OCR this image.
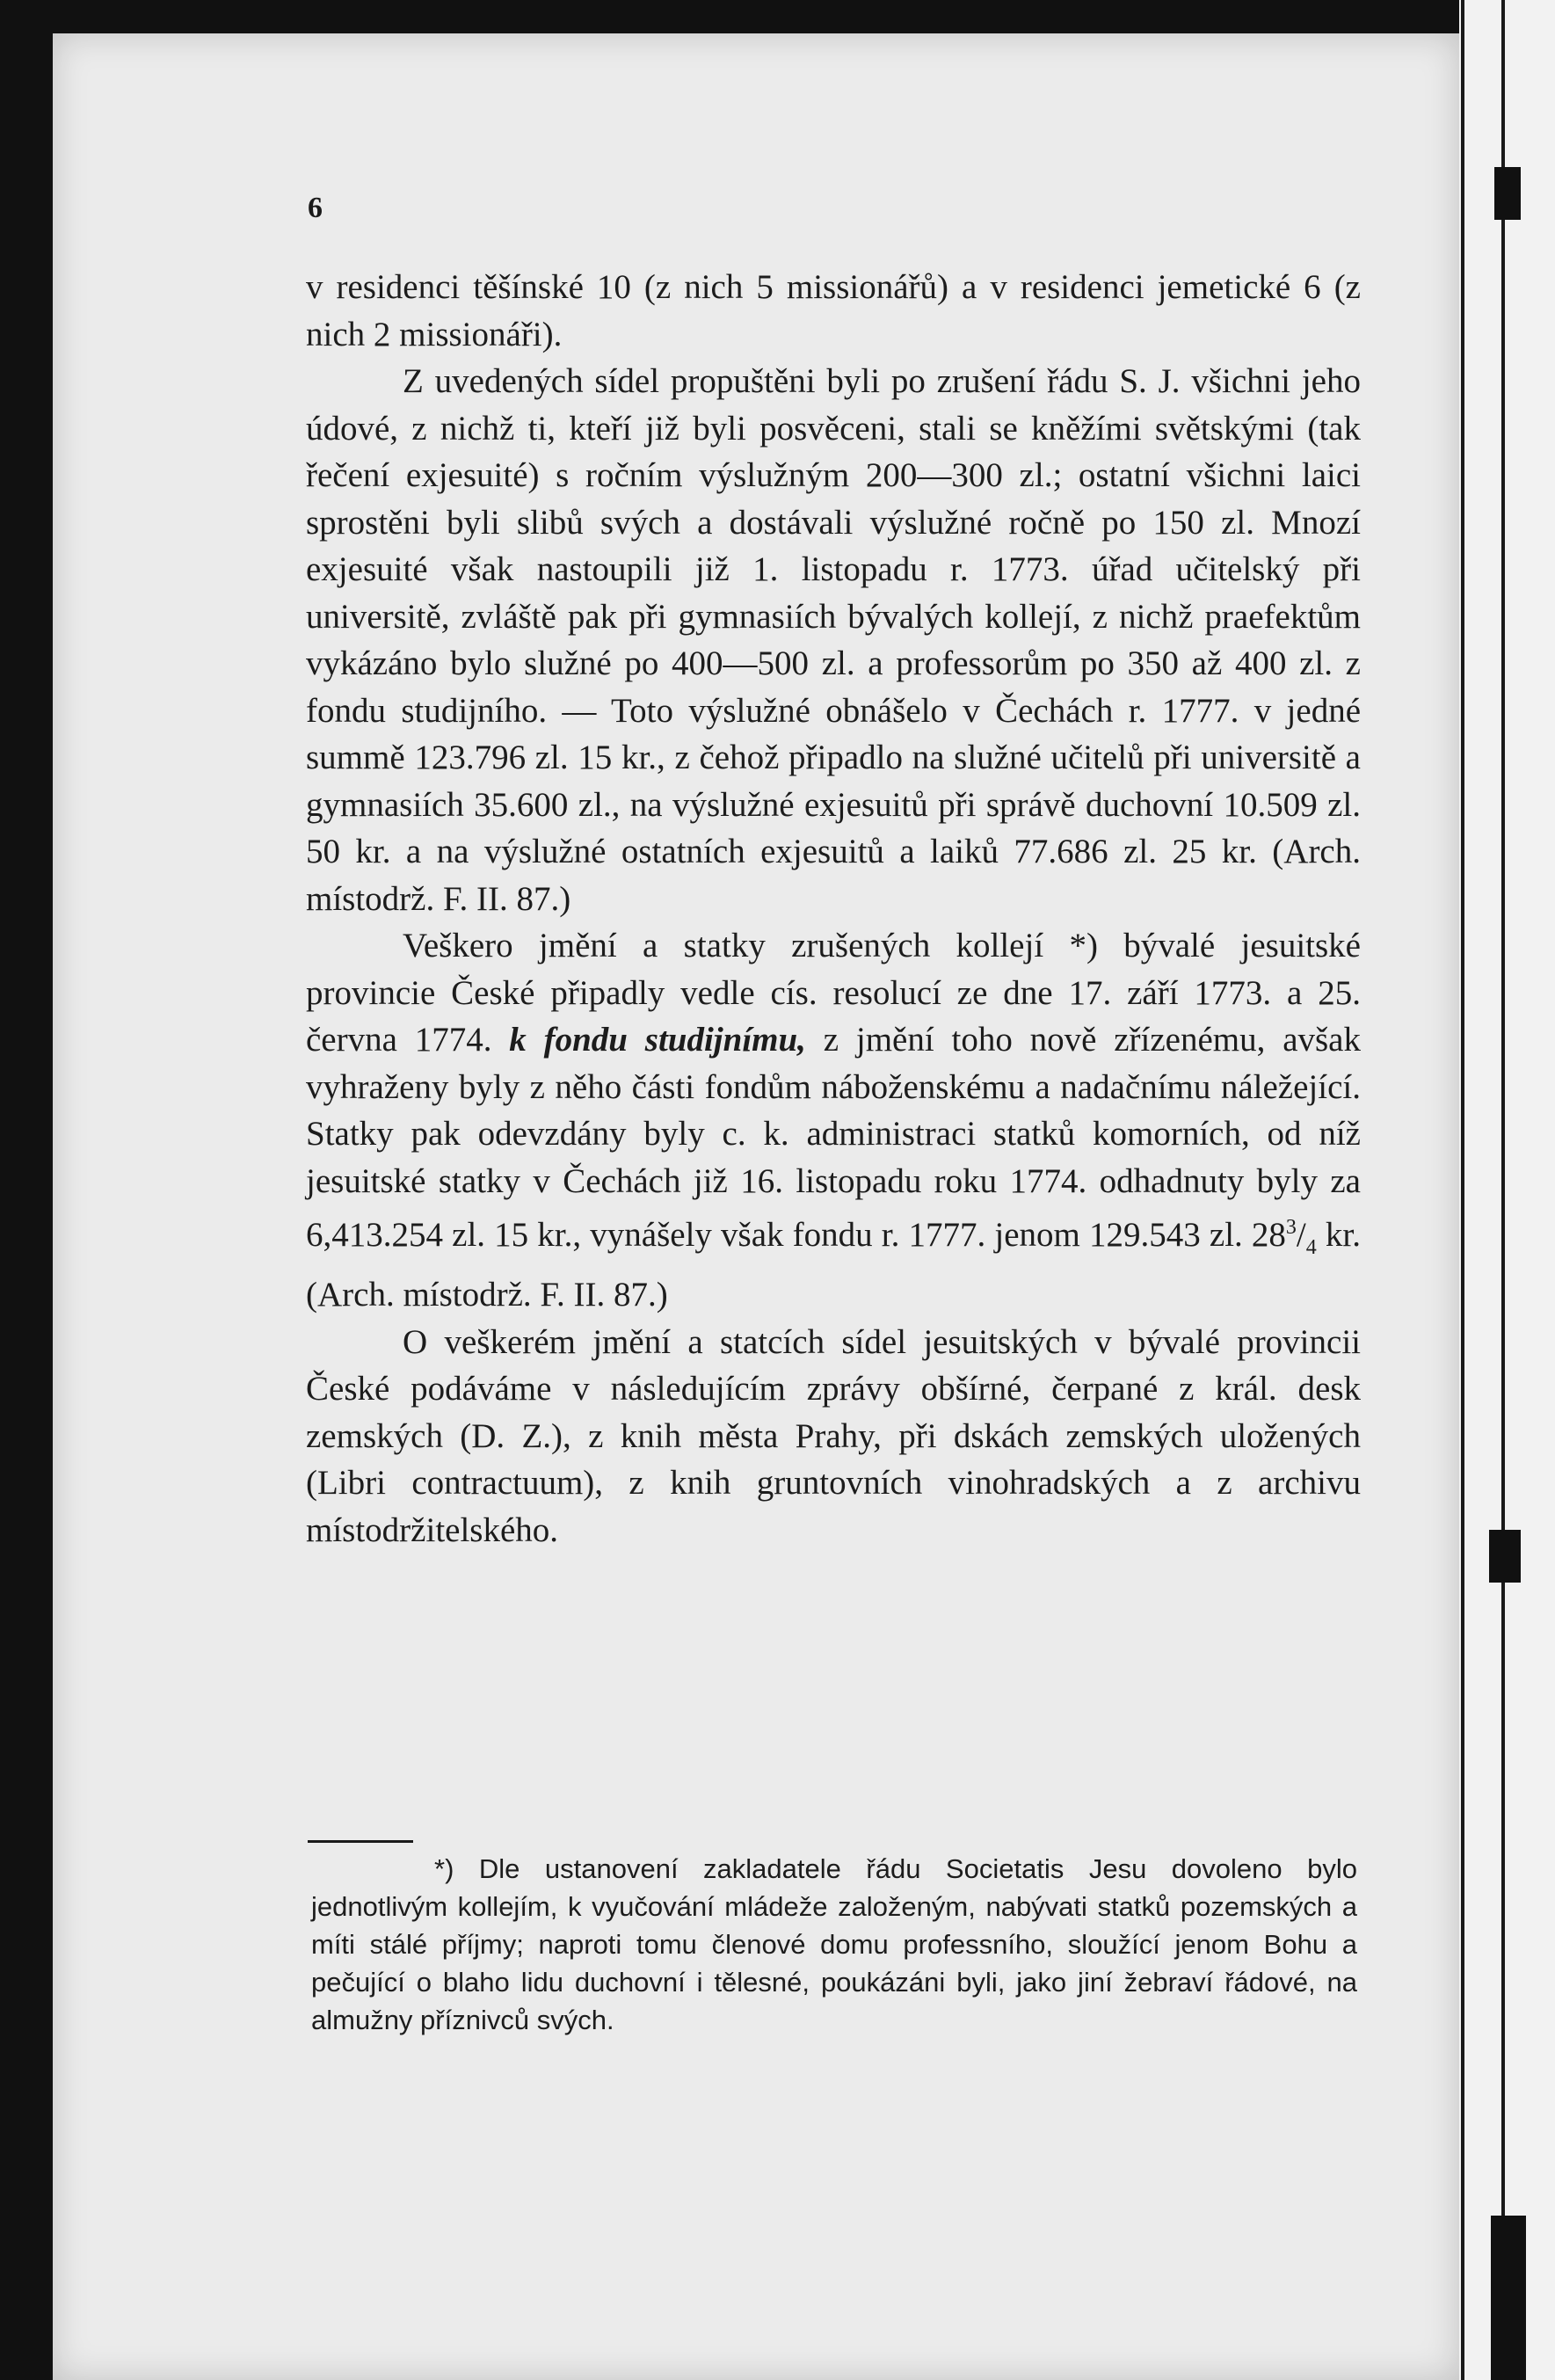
6

v residenci těšínské 10 (z nich 5 missionářů) a v residenci jemetické 6 (z nich 2 missionáři).

Z uvedených sídel propuštěni byli po zrušení řádu S. J. všichni jeho údové, z nichž ti, kteří již byli posvěceni, stali se kněžími světskými (tak řečení exjesuité) s ročním výslužným 200—300 zl.; ostatní všichni laici sprostěni byli slibů svých a dostávali výslužné ročně po 150 zl. Mnozí exjesuité však nastoupili již 1. listopadu r. 1773. úřad učitelský při universitě, zvláště pak při gymnasiích bývalých kollejí, z nichž praefektům vykázáno bylo služné po 400—500 zl. a professorům po 350 až 400 zl. z fondu studijního. — Toto výslužné obnášelo v Čechách r. 1777. v jedné summě 123.796 zl. 15 kr., z čehož připadlo na služné učitelů při universitě a gymnasiích 35.600 zl., na výslužné exjesuitů při správě duchovní 10.509 zl. 50 kr. a na výslužné ostatních exjesuitů a laiků 77.686 zl. 25 kr. (Arch. místodrž. F. II. 87.)

Veškero jmění a statky zrušených kollejí *) bývalé jesuitské provincie České připadly vedle cís. resolucí ze dne 17. září 1773. a 25. června 1774. k fondu studijnímu, z jmění toho nově zřízenému, avšak vyhraženy byly z něho části fondům náboženskému a nadačnímu náležející. Statky pak odevzdány byly c. k. administraci statků komorních, od níž jesuitské statky v Čechách již 16. listopadu roku 1774. odhadnuty byly za 6,413.254 zl. 15 kr., vynášely však fondu r. 1777. jenom 129.543 zl. $28^3/_4$ kr. (Arch. místodrž. F. II. 87.)

O veškerém jmění a statcích sídel jesuitských v bývalé provincii České podáváme v následujícím zprávy obšírné, čerpané z král. desk zemských (D. Z.), z knih města Prahy, při dskách zemských uložených (Libri contractuum), z knih gruntovních vinohradských a z archivu místodržitelského.

*) Dle ustanovení zakladatele řádu Societatis Jesu dovoleno bylo jednotlivým kollejím, k vyučování mládeže založeným, nabývati statků pozemských a míti stálé příjmy; naproti tomu členové domu professního, sloužící jenom Bohu a pečující o blaho lidu duchovní i tělesné, poukázáni byli, jako jiní žebraví řádové, na almužny příznivců svých.
